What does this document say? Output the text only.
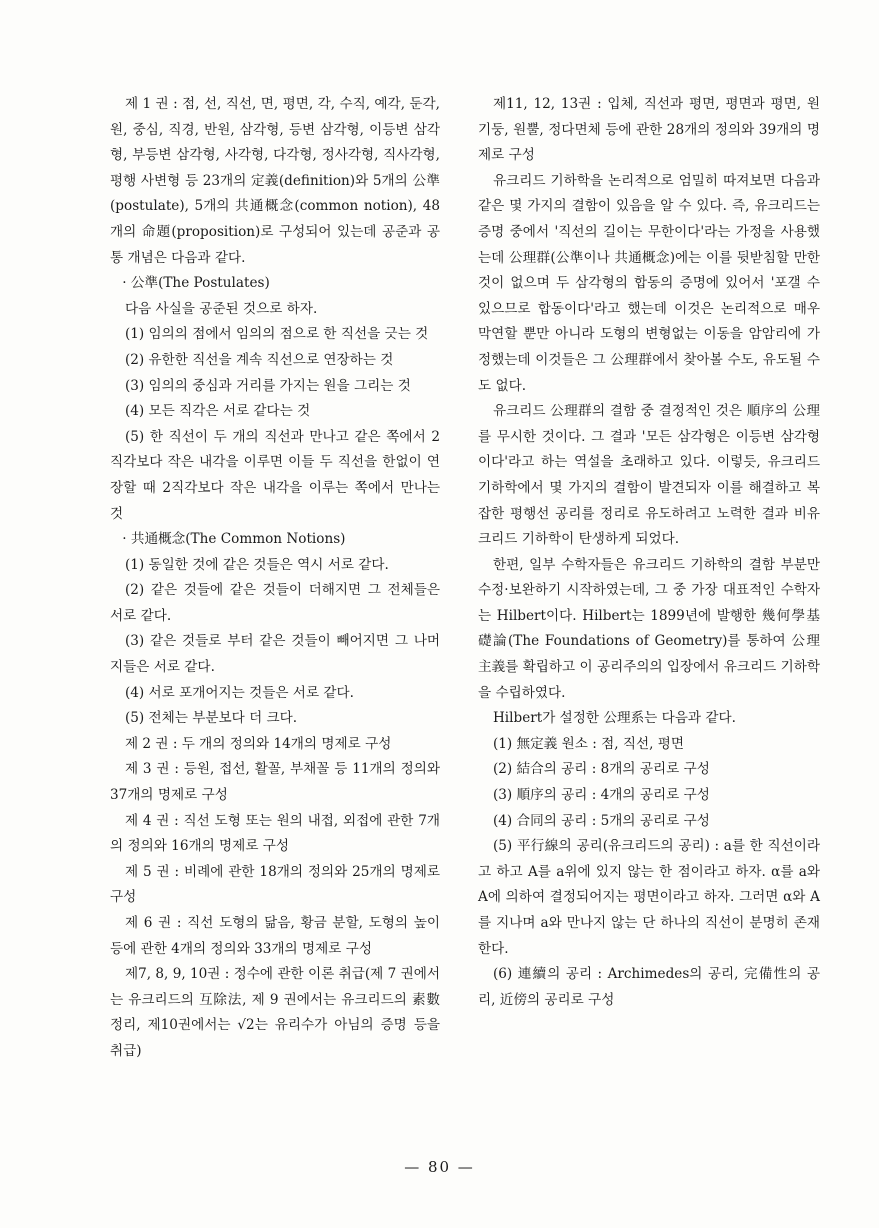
제 1 권 : 점, 선, 직선, 면, 평면, 각, 수직, 예각, 둔각, 원, 중심, 직경, 반원, 삼각형, 등변 삼각형, 이등변 삼각형, 부등변 삼각형, 사각형, 다각형, 정사각형, 직사각형, 평행 사변형 등 23개의 定義(definition)와 5개의 公準(postulate), 5개의 共通概念(common notion), 48개의 命題(proposition)로 구성되어 있는데 공준과 공통 개념은 다음과 같다.

· 公準(The Postulates)

다음 사실을 공준된 것으로 하자.

(1) 임의의 점에서 임의의 점으로 한 직선을 긋는 것

(2) 유한한 직선을 계속 직선으로 연장하는 것

(3) 임의의 중심과 거리를 가지는 원을 그리는 것

(4) 모든 직각은 서로 같다는 것

(5) 한 직선이 두 개의 직선과 만나고 같은 쪽에서 2 직각보다 작은 내각을 이루면 이들 두 직선을 한없이 연장할 때 2직각보다 작은 내각을 이루는 쪽에서 만나는 것

· 共通概念(The Common Notions)

(1) 동일한 것에 같은 것들은 역시 서로 같다.

(2) 같은 것들에 같은 것들이 더해지면 그 전체들은 서로 같다.

(3) 같은 것들로 부터 같은 것들이 빼어지면 그 나머지들은 서로 같다.

(4) 서로 포개어지는 것들은 서로 같다.

(5) 전체는 부분보다 더 크다.

제 2 권 : 두 개의 정의와 14개의 명제로 구성

제 3 권 : 등원, 접선, 활꼴, 부채꼴 등 11개의 정의와 37개의 명제로 구성

제 4 권 : 직선 도형 또는 원의 내접, 외접에 관한 7개의 정의와 16개의 명제로 구성

제 5 권 : 비례에 관한 18개의 정의와 25개의 명제로 구성

제 6 권 : 직선 도형의 닮음, 황금 분할, 도형의 높이 등에 관한 4개의 정의와 33개의 명제로 구성

제7, 8, 9, 10권 : 정수에 관한 이론 취급(제 7 권에서는 유크리드의 互除法, 제 9 권에서는 유크리드의 素數정리, 제10권에서는 √2는 유리수가 아님의 증명 등을 취급)

제11, 12, 13권 : 입체, 직선과 평면, 평면과 평면, 원기둥, 원뿔, 정다면체 등에 관한 28개의 정의와 39개의 명제로 구성

유크리드 기하학을 논리적으로 엄밀히 따져보면 다음과 같은 몇 가지의 결함이 있음을 알 수 있다. 즉, 유크리드는 증명 중에서 '직선의 길이는 무한이다'라는 가정을 사용했는데 公理群(公準이나 共通概念)에는 이를 뒷받침할 만한 것이 없으며 두 삼각형의 합동의 증명에 있어서 '포갤 수 있으므로 합동이다'라고 했는데 이것은 논리적으로 매우 막연할 뿐만 아니라 도형의 변형없는 이동을 암암리에 가정했는데 이것들은 그 公理群에서 찾아볼 수도, 유도될 수도 없다.

유크리드 公理群의 결함 중 결정적인 것은 順序의 公理를 무시한 것이다. 그 결과 '모든 삼각형은 이등변 삼각형이다'라고 하는 역설을 초래하고 있다. 이렇듯, 유크리드 기하학에서 몇 가지의 결함이 발견되자 이를 해결하고 복잡한 평행선 공리를 정리로 유도하려고 노력한 결과 비유크리드 기하학이 탄생하게 되었다.

한편, 일부 수학자들은 유크리드 기하학의 결함 부분만 수정·보완하기 시작하였는데, 그 중 가장 대표적인 수학자는 Hilbert이다. Hilbert는 1899년에 발행한 幾何學基礎論(The Foundations of Geometry)를 통하여 公理主義를 확립하고 이 공리주의의 입장에서 유크리드 기하학을 수립하였다.

Hilbert가 설정한 公理系는 다음과 같다.

(1) 無定義 원소 : 점, 직선, 평면

(2) 結合의 공리 : 8개의 공리로 구성

(3) 順序의 공리 : 4개의 공리로 구성

(4) 合同의 공리 : 5개의 공리로 구성

(5) 平行線의 공리(유크리드의 공리) : a를 한 직선이라고 하고 A를 a위에 있지 않는 한 점이라고 하자. α를 a와 A에 의하여 결정되어지는 평면이라고 하자. 그러면 α와 A를 지나며 a와 만나지 않는 단 하나의 직선이 분명히 존재한다.

(6) 連續의 공리 : Archimedes의 공리, 完備性의 공리, 近傍의 공리로 구성

— 80 —
